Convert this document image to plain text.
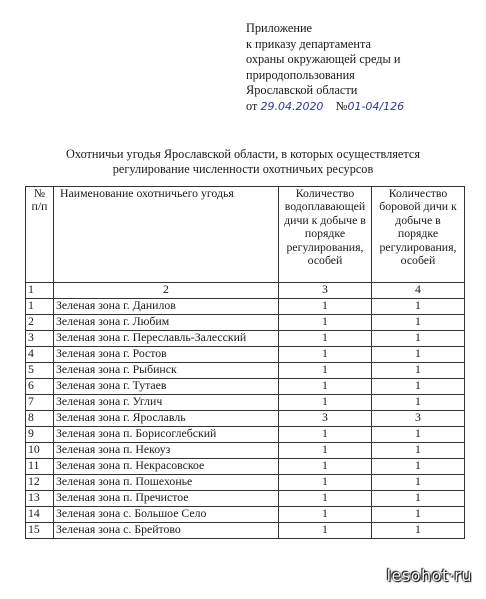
Приложение
к приказу департамента
охраны окружающей среды и
природопользования
Ярославской области
от 29.04.2020 №01-04/126
Охотничьи угодья Ярославской области, в которых осуществляется
регулирование численности охотничьих ресурсов
№ п/п	Наименование охотничьего угодья	Количество водоплавающей дичи к добыче в порядке регулирования, особей	Количество боровой дичи к добыче в порядке регулирования, особей
1	2	3	4
1	Зеленая зона г. Данилов	1	1
2	Зеленая зона г. Любим	1	1
3	Зеленая зона г. Переславль-Залесский	1	1
4	Зеленая зона г. Ростов	1	1
5	Зеленая зона г. Рыбинск	1	1
6	Зеленая зона г. Тутаев	1	1
7	Зеленая зона г. Углич	1	1
8	Зеленая зона г. Ярославль	3	3
9	Зеленая зона п. Борисоглебский	1	1
10	Зеленая зона п. Некоуз	1	1
11	Зеленая зона п. Некрасовское	1	1
12	Зеленая зона п. Пошехонье	1	1
13	Зеленая зона п. Пречистое	1	1
14	Зеленая зона с. Большое Село	1	1
15	Зеленая зона с. Брейтово	1	1
lesohot·ru
